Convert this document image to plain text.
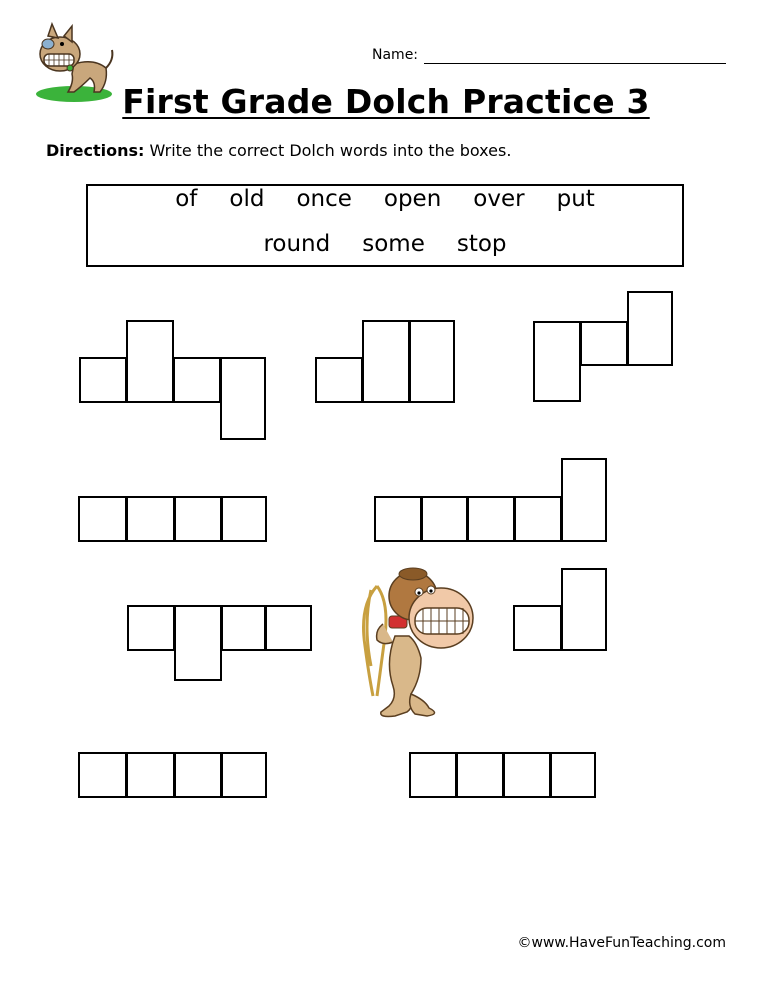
Name:
First Grade Dolch Practice 3
Directions: Write the correct Dolch words into the boxes.
of old once open over put
round some stop
©www.HaveFunTeaching.com
